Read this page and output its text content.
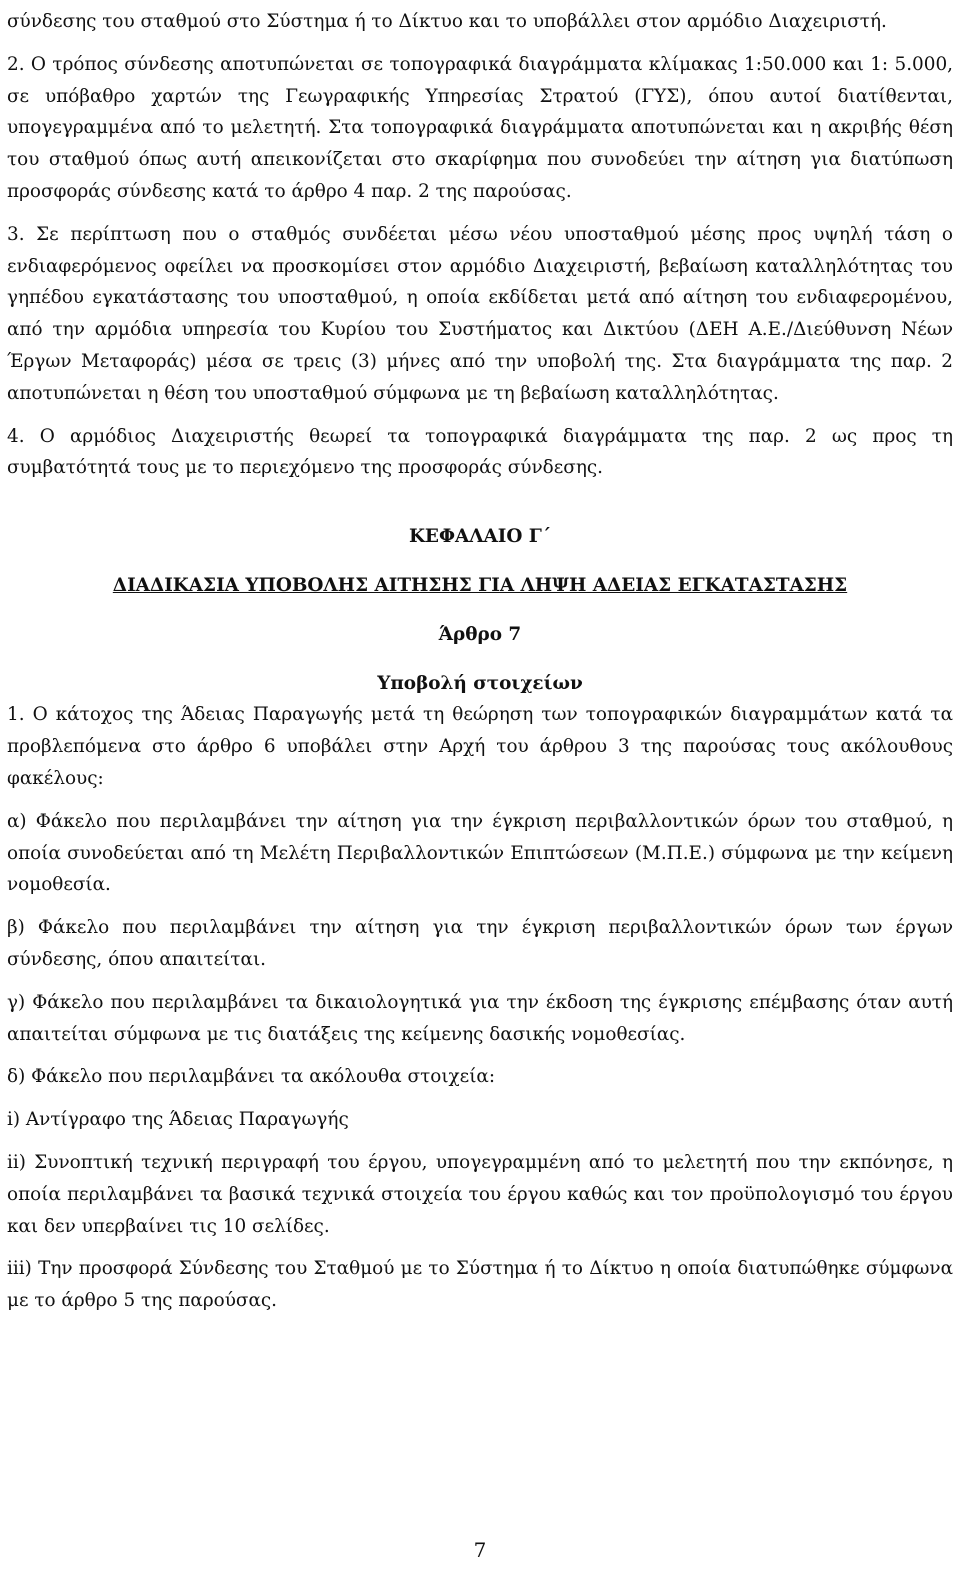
σύνδεσης του σταθμού στο Σύστημα ή το Δίκτυο και το υποβάλλει στον αρμόδιο Διαχειριστή.

2. Ο τρόπος σύνδεσης αποτυπώνεται σε τοπογραφικά διαγράμματα κλίμακας 1:50.000 και 1: 5.000, σε υπόβαθρο χαρτών της Γεωγραφικής Υπηρεσίας Στρατού (ΓΥΣ), όπου αυτοί διατίθενται, υπογεγραμμένα από το μελετητή. Στα τοπογραφικά διαγράμματα αποτυπώνεται και η ακριβής θέση του σταθμού όπως αυτή απεικονίζεται στο σκαρίφημα που συνοδεύει την αίτηση για διατύπωση προσφοράς σύνδεσης κατά το άρθρο 4 παρ. 2 της παρούσας.

3. Σε περίπτωση που ο σταθμός συνδέεται μέσω νέου υποσταθμού μέσης προς υψηλή τάση ο ενδιαφερόμενος οφείλει να προσκομίσει στον αρμόδιο Διαχειριστή, βεβαίωση καταλληλότητας του γηπέδου εγκατάστασης του υποσταθμού, η οποία εκδίδεται μετά από αίτηση του ενδιαφερομένου, από την αρμόδια υπηρεσία του Κυρίου του Συστήματος και Δικτύου (ΔΕΗ Α.Ε./Διεύθυνση Νέων Έργων Μεταφοράς) μέσα σε τρεις (3) μήνες από την υποβολή της. Στα διαγράμματα της παρ. 2 αποτυπώνεται η θέση του υποσταθμού σύμφωνα με τη βεβαίωση καταλληλότητας.

4. Ο αρμόδιος Διαχειριστής θεωρεί τα τοπογραφικά διαγράμματα της παρ. 2 ως προς τη συμβατότητά τους με το περιεχόμενο της προσφοράς σύνδεσης.

ΚΕΦΑΛΑΙΟ Γ΄

ΔΙΑΔΙΚΑΣΙΑ ΥΠΟΒΟΛΗΣ ΑΙΤΗΣΗΣ ΓΙΑ ΛΗΨΗ ΑΔΕΙΑΣ ΕΓΚΑΤΑΣΤΑΣΗΣ

Άρθρο 7

Υποβολή στοιχείων

1. Ο κάτοχος της Άδειας Παραγωγής μετά τη θεώρηση των τοπογραφικών διαγραμμάτων κατά τα προβλεπόμενα στο άρθρο 6 υποβάλει στην Αρχή του άρθρου 3 της παρούσας τους ακόλουθους φακέλους:

α) Φάκελο που περιλαμβάνει την αίτηση για την έγκριση περιβαλλοντικών όρων του σταθμού, η οποία συνοδεύεται από τη Μελέτη Περιβαλλοντικών Επιπτώσεων (Μ.Π.Ε.) σύμφωνα με την κείμενη νομοθεσία.

β) Φάκελο που περιλαμβάνει την αίτηση για την έγκριση περιβαλλοντικών όρων των έργων σύνδεσης, όπου απαιτείται.

γ) Φάκελο που περιλαμβάνει τα δικαιολογητικά για την έκδοση της έγκρισης επέμβασης όταν αυτή απαιτείται σύμφωνα με τις διατάξεις της κείμενης δασικής νομοθεσίας.

δ) Φάκελο που περιλαμβάνει τα ακόλουθα στοιχεία:

i) Αντίγραφο της Άδειας Παραγωγής

ii) Συνοπτική τεχνική περιγραφή του έργου, υπογεγραμμένη από το μελετητή που την εκπόνησε, η οποία περιλαμβάνει τα βασικά τεχνικά στοιχεία του έργου καθώς και τον προϋπολογισμό του έργου και δεν υπερβαίνει τις 10 σελίδες.

iii) Την προσφορά Σύνδεσης του Σταθμού με το Σύστημα ή το Δίκτυο η οποία διατυπώθηκε σύμφωνα με το άρθρο 5 της παρούσας.

7
